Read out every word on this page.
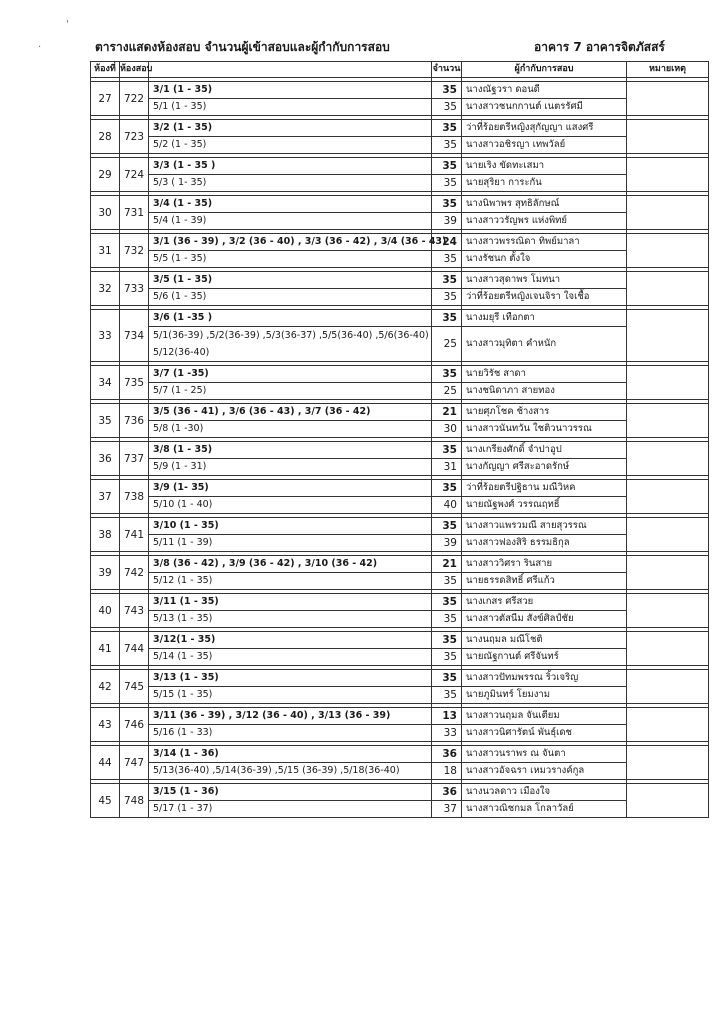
'
.	ตารางแสดงห้องสอบ จำนวนผู้เข้าสอบและผู้กำกับการสอบ	อาคาร 7 อาคารจิตภัสสร์
ห้องที่	ห้องสอบ		จำนวน	ผู้กำกับการสอบ	หมายเหตุ

27	722	3/1 (1 - 35)	35	นางณัฐวรา ดอนดี	
		5/1 (1 - 35)	35	นางสาวชนกกานต์ เนตรรัศมี	

28	723	3/2 (1 - 35)	35	ว่าที่ร้อยตรีหญิงสุกัญญา แสงศรี	
		5/2 (1 - 35)	35	นางสาวอชิรญา เทพวัลย์	

29	724	3/3 (1 - 35 )	35	นายเริง ขัดทะเสมา	
		5/3 ( 1- 35)	35	นายสุริยา การะกัน	

30	731	3/4 (1 - 35)	35	นางนิพาพร สุทธิลักษณ์	
		5/4 (1 - 39)	39	นางสาววรัญพร แห่งพิทย์	

31	732	3/1 (36 - 39) , 3/2 (36 - 40) , 3/3 (36 - 42) , 3/4 (36 - 43)	24	นางสาวพรรณิดา ทิพย์มาลา	
		5/5 (1 - 35)	35	นางรัชนก ตั้งใจ	

32	733	3/5 (1 - 35)	35	นางสาวสุดาพร โมทนา	
		5/6 (1 - 35)	35	ว่าที่ร้อยตรีหญิงเจนจิรา ใจเชื้อ	

33	734	3/6 (1 -35 )	35	นางมยุรี เทือกตา	
		5/1(36-39) ,5/2(36-39) ,5/3(36-37) ,5/5(36-40) ,5/6(36-40) 5/12(36-40)	25	นางสาวมุทิตา คำหนัก	

34	735	3/7 (1 -35)	35	นายวิรัช สาดา	
		5/7 (1 - 25)	25	นางชนิดาภา สายทอง	

35	736	3/5 (36 - 41) , 3/6 (36 - 43) , 3/7 (36 - 42)	21	นายศุภโชค ช้างสาร	
		5/8 (1 -30)	30	นางสาวนันทวัน ใชติวนาวรรณ	

36	737	3/8 (1 - 35)	35	นางเกรียงศักดิ์ จำปาอูป	
		5/9 (1 - 31)	31	นางกัญญา ศรีสะอาดรักษ์	

37	738	3/9 (1- 35)	35	ว่าที่ร้อยตรีปฐิธาน มณีวิหค	
		5/10 (1 - 40)	40	นายณัฐพงศ์ วรรณฤทธิ์	

38	741	3/10 (1 - 35)	35	นางสาวแพรวมณี สายสุวรรณ	
		5/11 (1 - 39)	39	นางสาวฟองสิริ ธรรมธิกุล	

39	742	3/8 (36 - 42) , 3/9 (36 - 42) , 3/10 (36 - 42)	21	นางสาววิศรา รินสาย	
		5/12 (1 - 35)	35	นายธรรดสิทธิ์ ศรีแก้ว	

40	743	3/11 (1 - 35)	35	นางเกสร ศรีสวย	
		5/13 (1 - 35)	35	นางสาวตัสนีม สังข์ศิลป์ชัย	

41	744	3/12(1 - 35)	35	นางนฤมล มณีโชติ	
		5/14 (1 - 35)	35	นายณัฐกานต์ ศรีจันทร์	

42	745	3/13 (1 - 35)	35	นางสาวปัทมพรรณ ริ้วเจริญ	
		5/15 (1 - 35)	35	นายภูมินทร์ โยมงาม	

43	746	3/11 (36 - 39) , 3/12 (36 - 40) , 3/13 (36 - 39)	13	นางสาวนฤมล จันเตียม	
		5/16 (1 - 33)	33	นางสาวนิศารัตน์ พันธุ์เดช	

44	747	3/14 (1 - 36)	36	นางสาวนราพร ณ จันตา	
		5/13(36-40) ,5/14(36-39) ,5/15 (36-39) ,5/18(36-40)	18	นางสาวอัจฉรา เหมวรางค์กูล	

45	748	3/15 (1 - 36)	36	นางนวลดาว เมืองใจ	
		5/17 (1 - 37)	37	นางสาวณิชกมล โกลาวัลย์	
